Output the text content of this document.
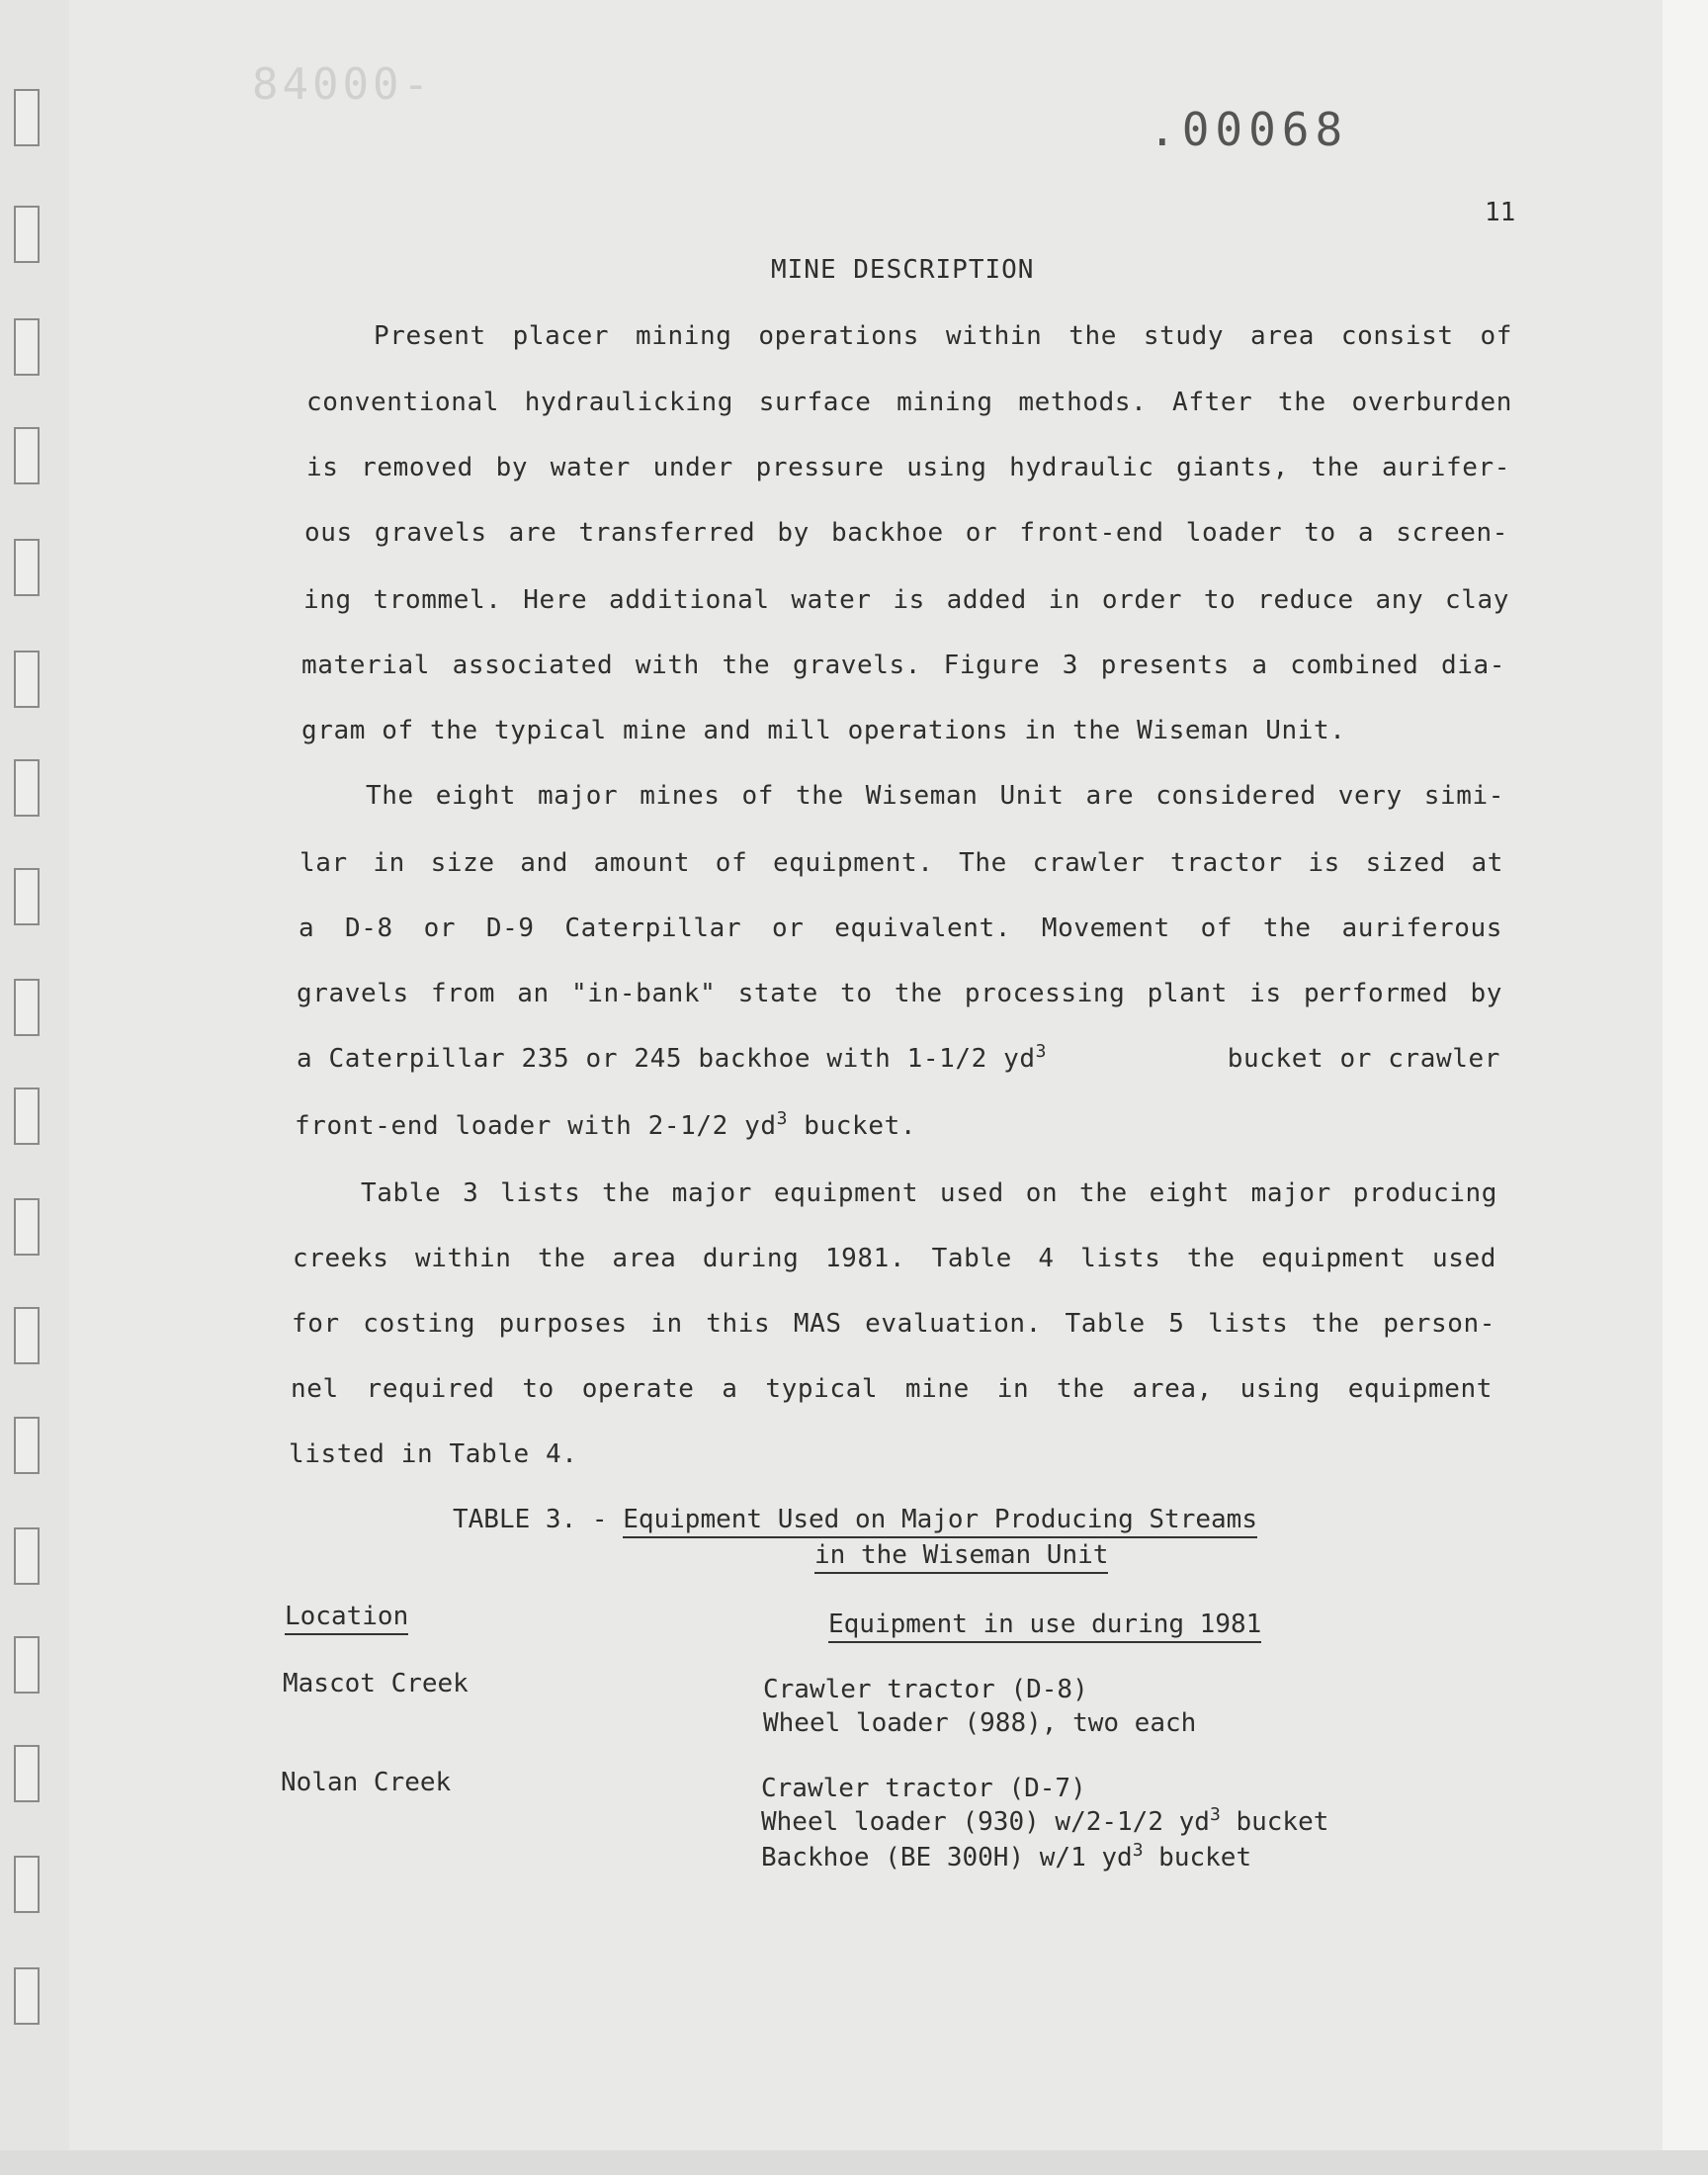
84000-
.00068
11
MINE DESCRIPTION
Present placer mining operations within the study area consist of
conventional hydraulicking surface mining methods. After the overburden
is removed by water under pressure using hydraulic giants, the aurifer-
ous gravels are transferred by backhoe or front-end loader to a screen-
ing trommel. Here additional water is added in order to reduce any clay
material associated with the gravels. Figure 3 presents a combined dia-
gram of the typical mine and mill operations in the Wiseman Unit.
The eight major mines of the Wiseman Unit are considered very simi-
lar in size and amount of equipment. The crawler tractor is sized at
a D-8 or D-9 Caterpillar or equivalent. Movement of the auriferous
gravels from an "in-bank" state to the processing plant is performed by
a Caterpillar 235 or 245 backhoe with 1-1/2 $yd^3$	bucket or crawler
front-end loader with 2-1/2 $yd^3$ bucket.
Table 3 lists the major equipment used on the eight major producing
creeks within the area during 1981. Table 4 lists the equipment used
for costing purposes in this MAS evaluation. Table 5 lists the person-
nel required to operate a typical mine in the area, using equipment
listed in Table 4.
TABLE 3. - Equipment Used on Major Producing Streams
in the Wiseman Unit
Location	Equipment in use during 1981
Mascot Creek	Crawler tractor (D-8)
Wheel loader (988), two each
Nolan Creek	Crawler tractor (D-7)
Wheel loader (930) w/2-1/2 $yd^3$ bucket
Backhoe (BE 300H) w/1 $yd^3$ bucket
